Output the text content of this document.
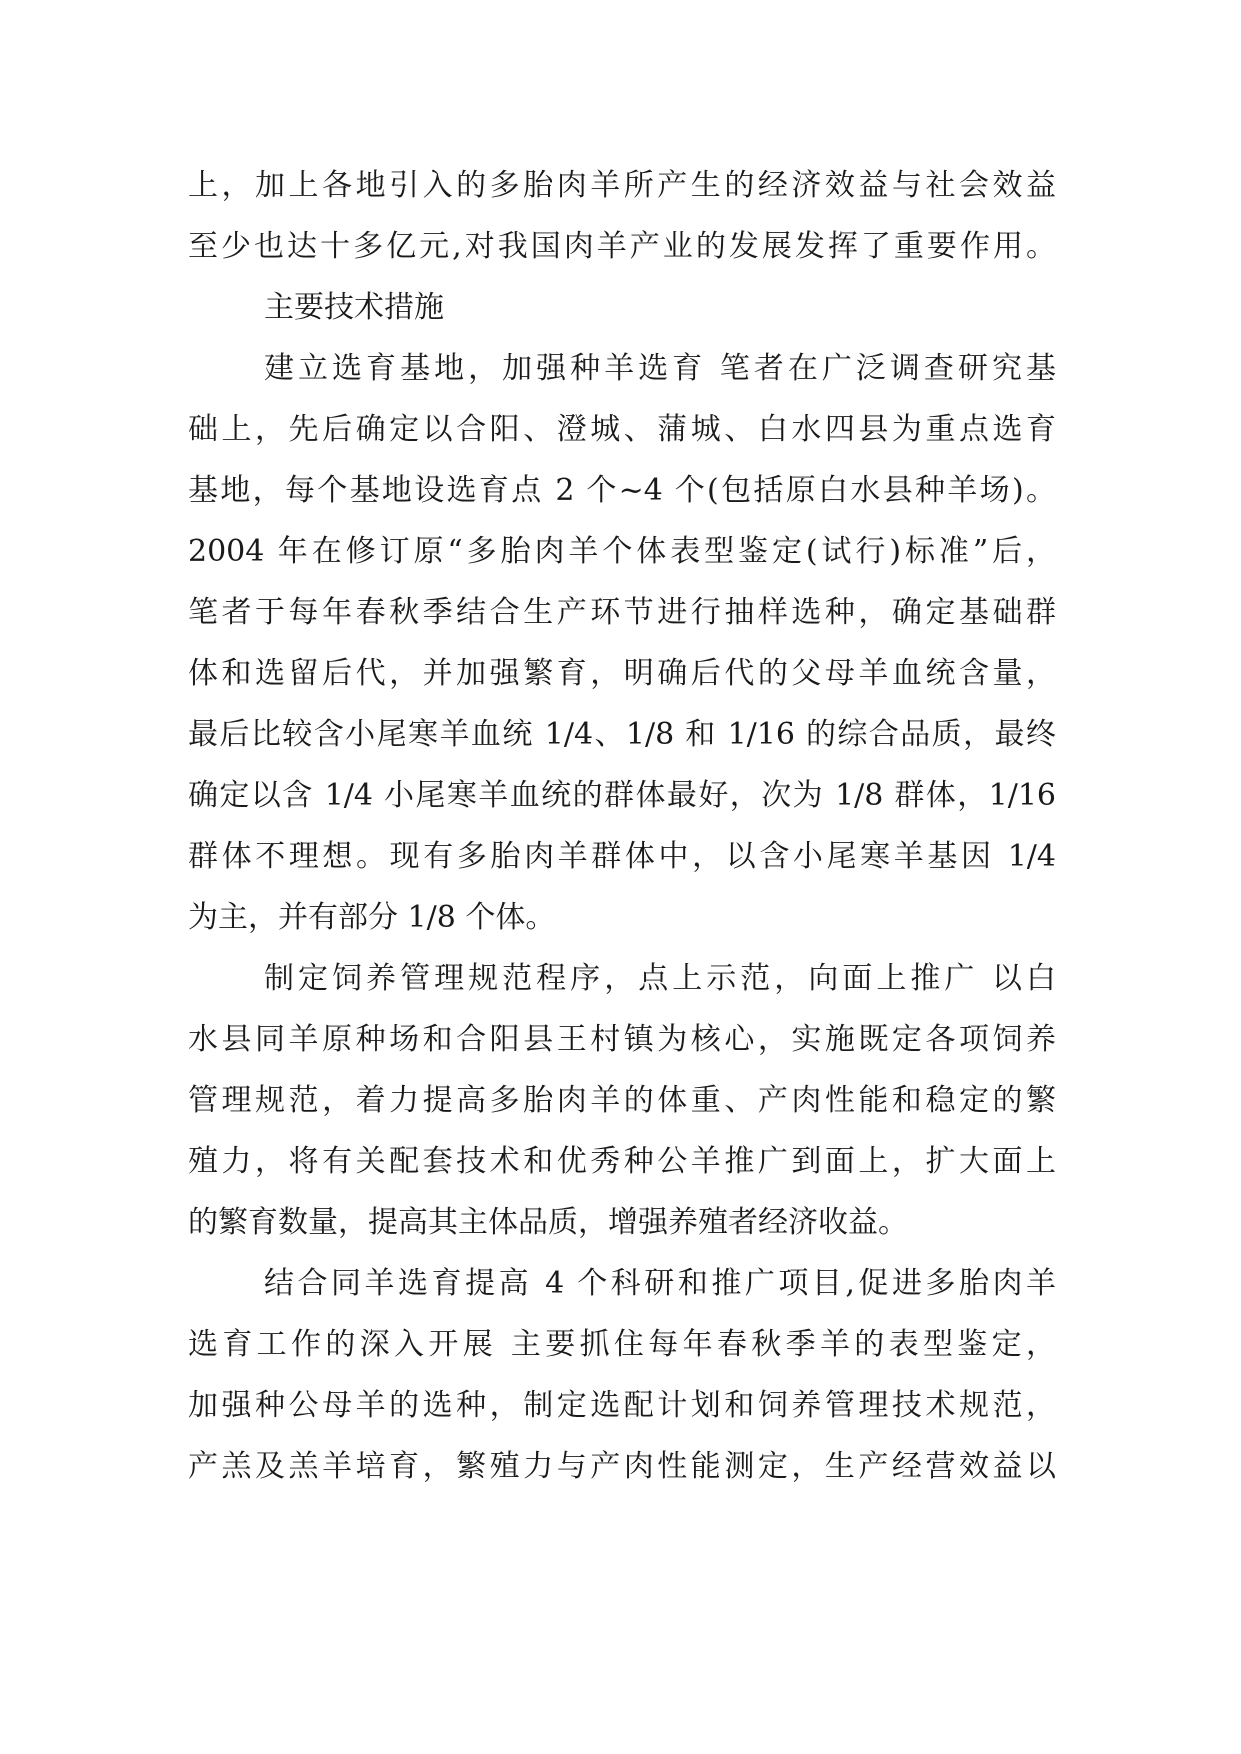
上，加上各地引入的多胎肉羊所产生的经济效益与社会效益
至少也达十多亿元,对我国肉羊产业的发展发挥了重要作用。
主要技术措施
建立选育基地，加强种羊选育 笔者在广泛调查研究基
础上，先后确定以合阳、澄城、蒲城、白水四县为重点选育
基地，每个基地设选育点 2 个~4 个(包括原白水县种羊场)。
2004 年在修订原“多胎肉羊个体表型鉴定(试行)标准”后，
笔者于每年春秋季结合生产环节进行抽样选种，确定基础群
体和选留后代，并加强繁育，明确后代的父母羊血统含量，
最后比较含小尾寒羊血统 1/4、1/8 和 1/16 的综合品质，最终
确定以含 1/4 小尾寒羊血统的群体最好，次为 1/8 群体，1/16
群体不理想。现有多胎肉羊群体中，以含小尾寒羊基因 1/4
为主，并有部分 1/8 个体。
制定饲养管理规范程序，点上示范，向面上推广 以白
水县同羊原种场和合阳县王村镇为核心，实施既定各项饲养
管理规范，着力提高多胎肉羊的体重、产肉性能和稳定的繁
殖力，将有关配套技术和优秀种公羊推广到面上，扩大面上
的繁育数量，提高其主体品质，增强养殖者经济收益。
结合同羊选育提高 4 个科研和推广项目,促进多胎肉羊
选育工作的深入开展 主要抓住每年春秋季羊的表型鉴定，
加强种公母羊的选种，制定选配计划和饲养管理技术规范，
产羔及羔羊培育，繁殖力与产肉性能测定，生产经营效益以
